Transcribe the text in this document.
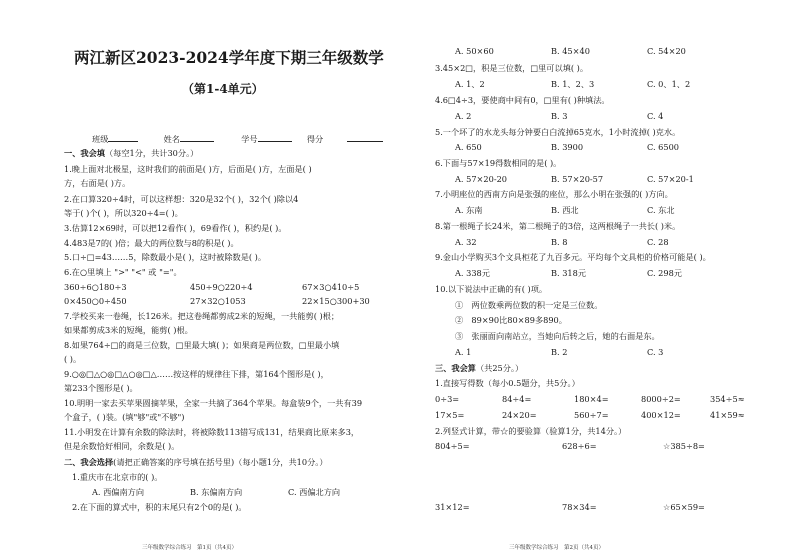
两江新区2023-2024学年度下期三年级数学
（第1-4单元）
班级	姓名	学号	得分
一、我会填（每空1分，共计30分。）
1.晚上面对北极星，这时我们的前面是( )方，后面是( )方，左面是( )
方，右面是( )方。
2.在口算320÷4时，可以这样想：320是32个( )，32个( )除以4
等于( )个( )，所以320÷4=( )。
3.估算12×69时，可以把12看作( )，69看作( )，积约是( )。
4.483是7的( )倍；最大的两位数与8的积是( )。
5.口÷□=43……5，除数最小是( )，这时被除数是( )。
6.在○里填上 ">" "<" 或 "="。
360÷6○180÷3	450÷9○220÷4	67×3○410÷5
0×450○0÷450	27×32○1053	22×15○300+30
7.学校买来一卷绳，长126米。把这卷绳都剪成2米的短绳，一共能剪( )根；
如果都剪成3米的短绳，能剪( )根。
8.如果764÷□的商是三位数，□里最大填( )；如果商是两位数，□里最小填
( )。
9.○◎□△○◎□△○◎□△……按这样的规律往下排，第164个图形是( )，
第233个图形是( )。
10.明明一家去买苹果圆摘苹果，全家一共摘了364个苹果。每盒装9个，一共有39
个盒子，( )装。(填"够"或"不够")
11.小明发在计算有余数的除法时，将被除数113错写成131，结果商比原来多3，
但是余数恰好相同，余数是( )。
二、我会选择(请把正确答案的序号填在括号里)（每小题1分，共10分。）
1.重庆市在北京市的( )。
A. 西偏南方向	B. 东偏南方向	C. 西偏北方向
2.在下面的算式中，积的末尾只有2个0的是( )。
三年级数学综合练习　第1页（共4页）
A. 50×60	B. 45×40	C. 54×20
3.45×2□，积是三位数，□里可以填( )。
A. 1、2	B. 1、2、3	C. 0、1、2
4.6□4÷3，要使商中间有0，□里有( )种填法。
A. 2	B. 3	C. 4
5.一个坏了的水龙头每分钟要白白流掉65克水，1小时流掉( )克水。
A. 650	B. 3900	C. 6500
6.下面与57×19得数相同的是( )。
A. 57×20-20	B. 57×20-57	C. 57×20-1
7.小明座位的西南方向是张强的座位，那么小明在张强的( )方向。
A. 东南	B. 西北	C. 东北
8.第一根绳子长24米，第二根绳子的3倍，这两根绳子一共长( )米。
A. 32	B. 8	C. 28
9.金山小学购买3个文具柜花了九百多元。平均每个文具柜的价格可能是( )。
A. 338元	B. 318元	C. 298元
10.以下说法中正确的有( )项。
①　两位数乘两位数的积一定是三位数。
②　89×90比80×89多890。
③　张丽面向南站立，当她向后转之后，她的右面是东。
A. 1	B. 2	C. 3
三、我会算（共25分。）
1.直接写得数（每小0.5题分，共5分。）
0÷3=	84÷4=	180×4=	8000÷2=	354÷5≈
17×5=	24×20=	560÷7=	400×12=	41×59≈
2.列竖式计算，带☆的要验算（验算1分，共14分。）
804÷5=	628÷6=	☆385÷8=
31×12=	78×34=	☆65×59=
三年级数学综合练习　第2页（共4页）
